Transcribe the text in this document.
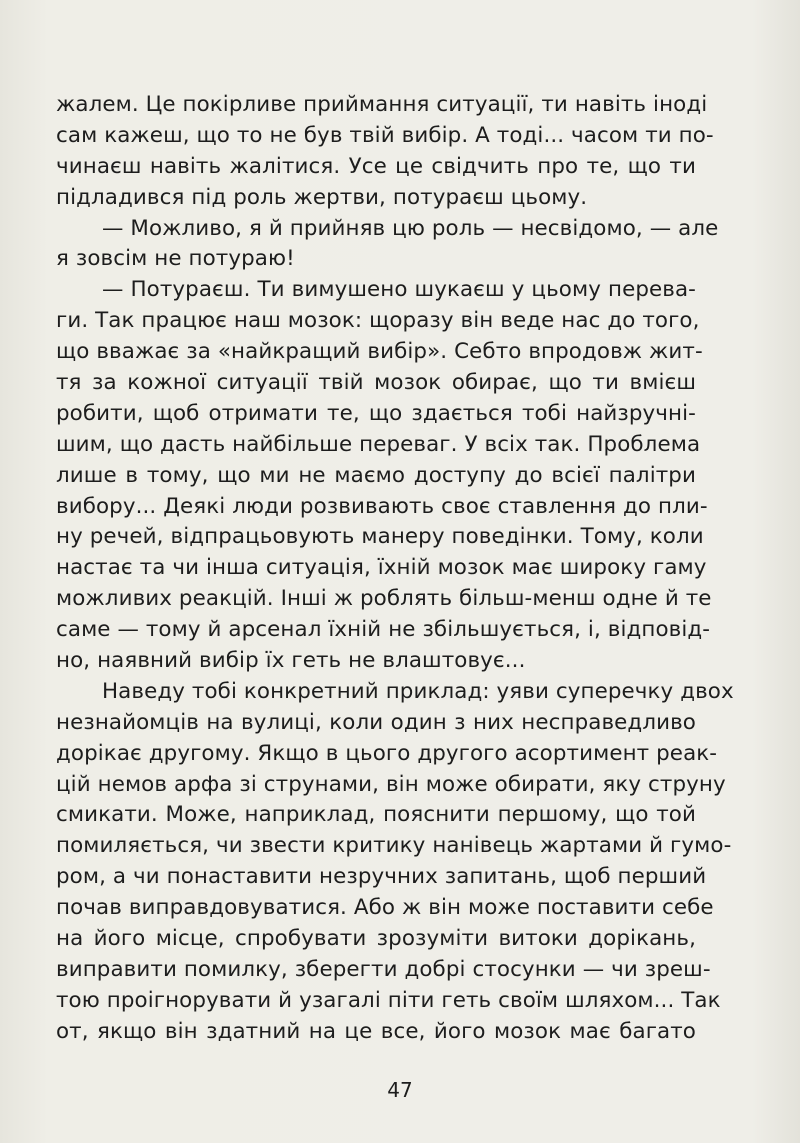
жалем. Це покірливе приймання ситуації, ти навіть іноді
сам кажеш, що то не був твій вибір. А тоді... часом ти по-
чинаєш навіть жалітися. Усе це свідчить про те, що ти
підладився під роль жертви, потураєш цьому.
— Можливо, я й прийняв цю роль — несвідомо, — але
я зовсім не потураю!
— Потураєш. Ти вимушено шукаєш у цьому перева-
ги. Так працює наш мозок: щоразу він веде нас до того,
що вважає за «найкращий вибір». Себто впродовж жит-
тя за кожної ситуації твій мозок обирає, що ти вмієш
робити, щоб отримати те, що здається тобі найзручні-
шим, що дасть найбільше переваг. У всіх так. Проблема
лише в тому, що ми не маємо доступу до всієї палітри
вибору... Деякі люди розвивають своє ставлення до пли-
ну речей, відпрацьовують манеру поведінки. Тому, коли
настає та чи інша ситуація, їхній мозок має широку гаму
можливих реакцій. Інші ж роблять більш-менш одне й те
саме — тому й арсенал їхній не збільшується, і, відповід-
но, наявний вибір їх геть не влаштовує...
Наведу тобі конкретний приклад: уяви суперечку двох
незнайомців на вулиці, коли один з них несправедливо
дорікає другому. Якщо в цього другого асортимент реак-
цій немов арфа зі струнами, він може обирати, яку струну
смикати. Може, наприклад, пояснити першому, що той
помиляється, чи звести критику нанівець жартами й гумо-
ром, а чи понаставити незручних запитань, щоб перший
почав виправдовуватися. Або ж він може поставити себе
на його місце, спробувати зрозуміти витоки дорікань,
виправити помилку, зберегти добрі стосунки — чи зреш-
тою проігнорувати й узагалі піти геть своїм шляхом... Так
от, якщо він здатний на це все, його мозок має багато
47
